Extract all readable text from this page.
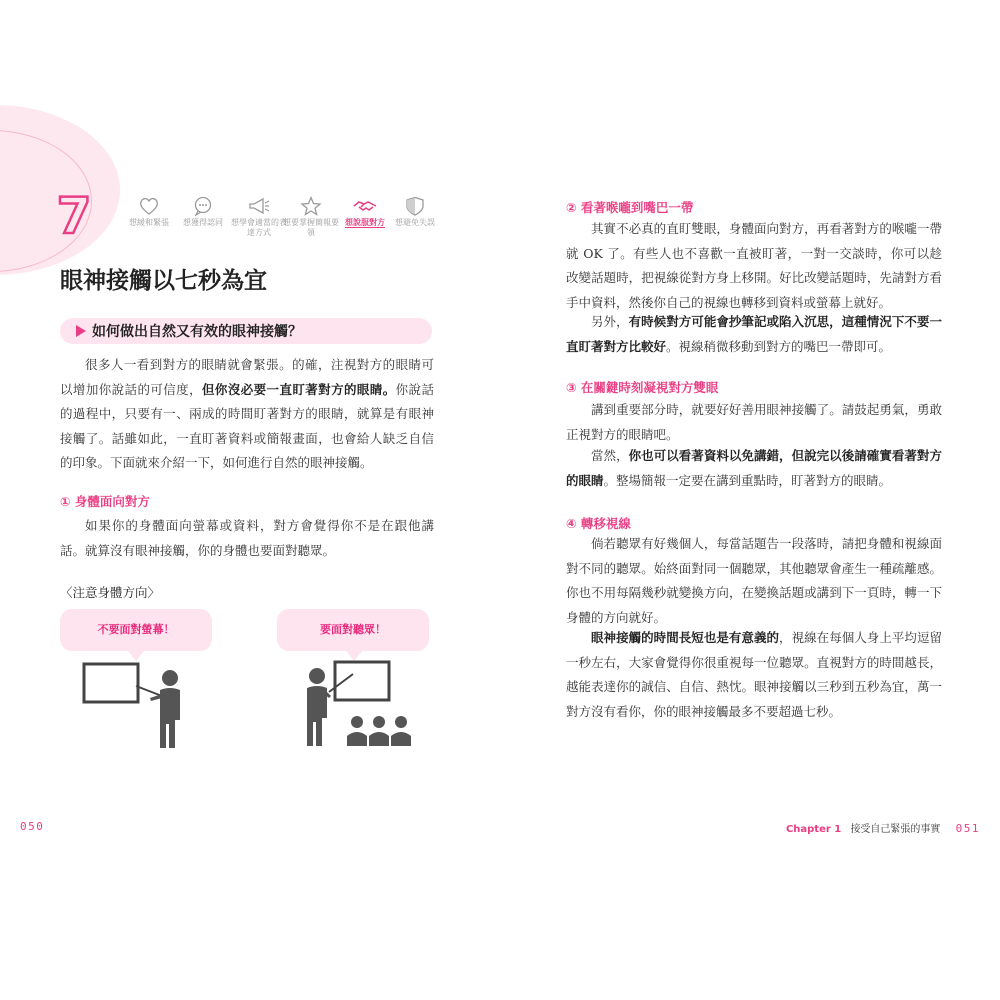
7	想緩和緊張	想獲得認同	想學會適當的表達方式
想要掌握簡報要領
想說服對方	想避免失誤
眼神接觸以七秒為宜
如何做出自然又有效的眼神接觸？
很多人一看到對方的眼睛就會緊張。的確，注視對方的眼睛可以增加你說話的可信度，但你沒必要一直盯著對方的眼睛。你說話的過程中，只要有一、兩成的時間盯著對方的眼睛，就算是有眼神接觸了。話雖如此，一直盯著資料或簡報畫面，也會給人缺乏自信的印象。下面就來介紹一下，如何進行自然的眼神接觸。
① 身體面向對方
如果你的身體面向螢幕或資料，對方會覺得你不是在跟他講話。就算沒有眼神接觸，你的身體也要面對聽眾。
〈注意身體方向〉
不要面對螢幕！	要面對聽眾！
② 看著喉嚨到嘴巴一帶
其實不必真的直盯雙眼，身體面向對方，再看著對方的喉嚨一帶就 OK 了。有些人也不喜歡一直被盯著，一對一交談時，你可以趁改變話題時，把視線從對方身上移開。好比改變話題時，先請對方看手中資料，然後你自己的視線也轉移到資料或螢幕上就好。
另外，有時候對方可能會抄筆記或陷入沉思，這種情況下不要一直盯著對方比較好。視線稍微移動到對方的嘴巴一帶即可。
③ 在關鍵時刻凝視對方雙眼
講到重要部分時，就要好好善用眼神接觸了。請鼓起勇氣，勇敢正視對方的眼睛吧。
當然，你也可以看著資料以免講錯，但說完以後請確實看著對方的眼睛。整場簡報一定要在講到重點時，盯著對方的眼睛。
④ 轉移視線
倘若聽眾有好幾個人，每當話題告一段落時，請把身體和視線面對不同的聽眾。始終面對同一個聽眾，其他聽眾會產生一種疏離感。你也不用每隔幾秒就變換方向，在變換話題或講到下一頁時，轉一下身體的方向就好。
眼神接觸的時間長短也是有意義的，視線在每個人身上平均逗留一秒左右，大家會覺得你很重視每一位聽眾。直視對方的時間越長，越能表達你的誠信、自信、熱忱。眼神接觸以三秒到五秒為宜，萬一對方沒有看你，你的眼神接觸最多不要超過七秒。
050	Chapter 1 接受自己緊張的事實 051
